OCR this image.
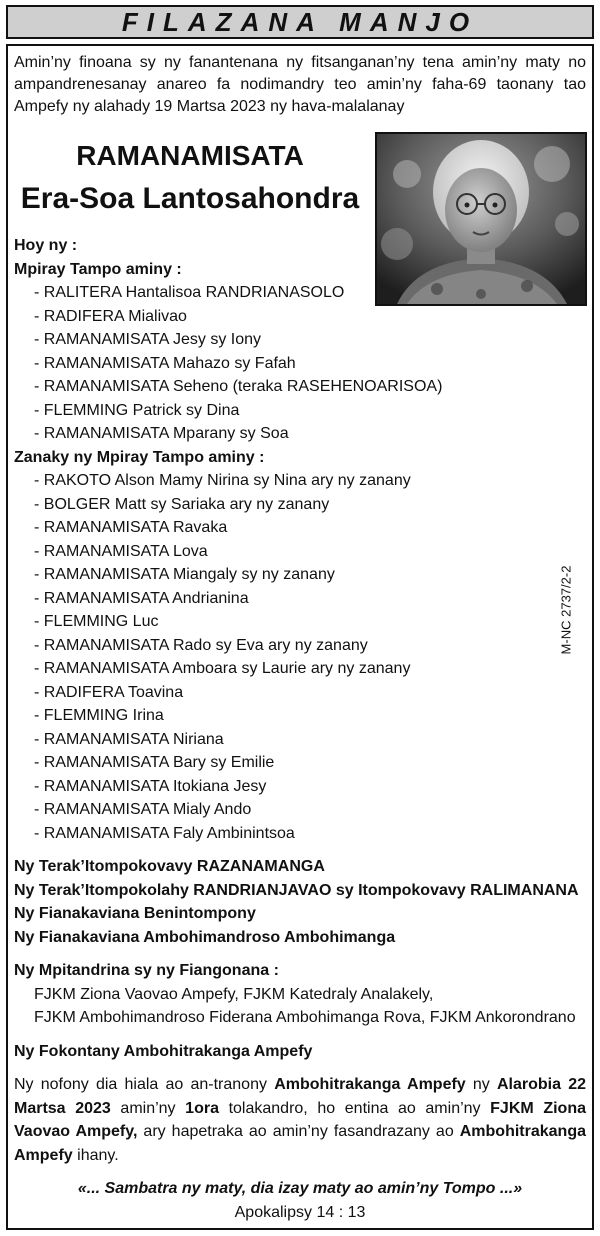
FILAZANA MANJO
Amin’ny finoana sy ny fanantenana ny fitsanganan’ny tena amin’ny maty no ampandrenesanay anareo fa nodimandry teo amin’ny faha-69 taonany tao Ampefy ny alahady 19 Martsa 2023 ny hava-malalanay
RAMANAMISATA
Era-Soa Lantosahondra
Hoy ny :
Mpiray Tampo aminy :
- RALITERA Hantalisoa RANDRIANASOLO
- RADIFERA Mialivao
- RAMANAMISATA Jesy sy Iony
- RAMANAMISATA Mahazo sy Fafah
- RAMANAMISATA Seheno (teraka RASEHENOARISOA)
- FLEMMING Patrick sy Dina
- RAMANAMISATA Mparany sy Soa
Zanaky ny Mpiray Tampo aminy :
- RAKOTO Alson Mamy Nirina sy Nina ary ny zanany
- BOLGER Matt sy Sariaka ary ny zanany
- RAMANAMISATA Ravaka
- RAMANAMISATA Lova
- RAMANAMISATA Miangaly sy ny zanany
- RAMANAMISATA Andrianina
- FLEMMING Luc
- RAMANAMISATA Rado sy Eva ary ny zanany
- RAMANAMISATA Amboara sy Laurie ary ny zanany
- RADIFERA Toavina
- FLEMMING Irina
- RAMANAMISATA Niriana
- RAMANAMISATA Bary sy Emilie
- RAMANAMISATA Itokiana Jesy
- RAMANAMISATA Mialy Ando
- RAMANAMISATA Faly Ambinintsoa
Ny Terak’Itompokovavy RAZANAMANGA
Ny Terak’Itompokolahy RANDRIANJAVAO sy Itompokovavy RALIMANANA
Ny Fianakaviana Benintompony
Ny Fianakaviana Ambohimandroso Ambohimanga
Ny Mpitandrina sy ny Fiangonana :
FJKM Ziona Vaovao Ampefy, FJKM Katedraly Analakely,
FJKM Ambohimandroso Fiderana Ambohimanga Rova, FJKM Ankorondrano
Ny Fokontany Ambohitrakanga Ampefy
Ny nofony dia hiala ao an-tranony Ambohitrakanga Ampefy ny Alarobia 22 Martsa 2023 amin’ny 1ora tolakandro, ho entina ao amin’ny FJKM Ziona Vaovao Ampefy, ary hapetraka ao amin’ny fasandrazany ao Ambohitrakanga Ampefy ihany.
«... Sambatra ny maty, dia izay maty ao amin’ny Tompo ...»
Apokalipsy 14 : 13
M-NC 2737/2-2
